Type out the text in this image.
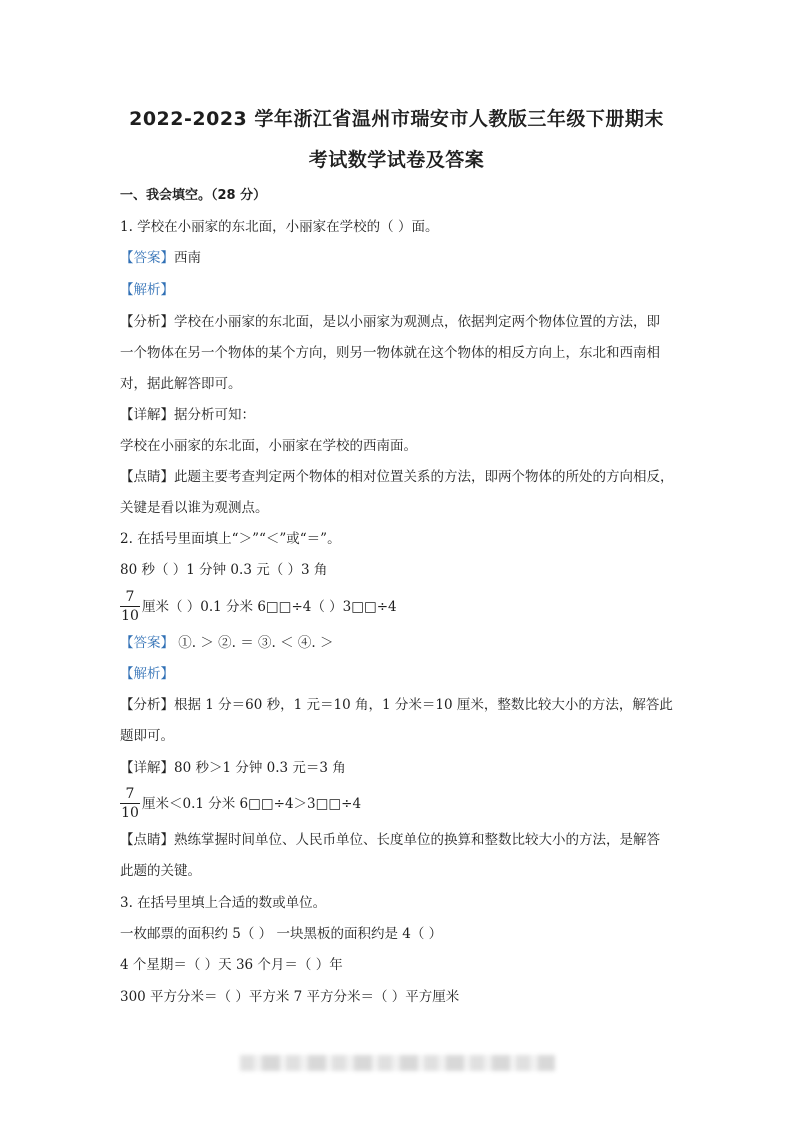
2022-2023 学年浙江省温州市瑞安市人教版三年级下册期末
考试数学试卷及答案
一、我会填空。（28 分）
1. 学校在小丽家的东北面，小丽家在学校的（ ）面。
【答案】西南
【解析】
【分析】学校在小丽家的东北面，是以小丽家为观测点，依据判定两个物体位置的方法，即
一个物体在另一个物体的某个方向，则另一物体就在这个物体的相反方向上，东北和西南相
对，据此解答即可。
【详解】据分析可知：
学校在小丽家的东北面，小丽家在学校的西南面。
【点睛】此题主要考查判定两个物体的相对位置关系的方法，即两个物体的所处的方向相反，
关键是看以谁为观测点。
2. 在括号里面填上“＞”“＜”或“＝”。
80 秒（ ）1 分钟 0.3 元（ ）3 角
7
10
厘米（ ）0.1 分米 6□□÷4（ ）3□□÷4
【答案】 ①. ＞ ②. ＝ ③. ＜ ④. ＞
【解析】
【分析】根据 1 分＝60 秒，1 元＝10 角，1 分米＝10 厘米，整数比较大小的方法，解答此
题即可。
【详解】80 秒＞1 分钟 0.3 元＝3 角
7
10
厘米＜0.1 分米 6□□÷4＞3□□÷4
【点睛】熟练掌握时间单位、人民币单位、长度单位的换算和整数比较大小的方法，是解答
此题的关键。
3. 在括号里填上合适的数或单位。
一枚邮票的面积约 5（ ） 一块黑板的面积约是 4（ ）
4 个星期＝（ ）天 36 个月＝（ ）年
300 平方分米＝（ ）平方米 7 平方分米＝（ ）平方厘米
